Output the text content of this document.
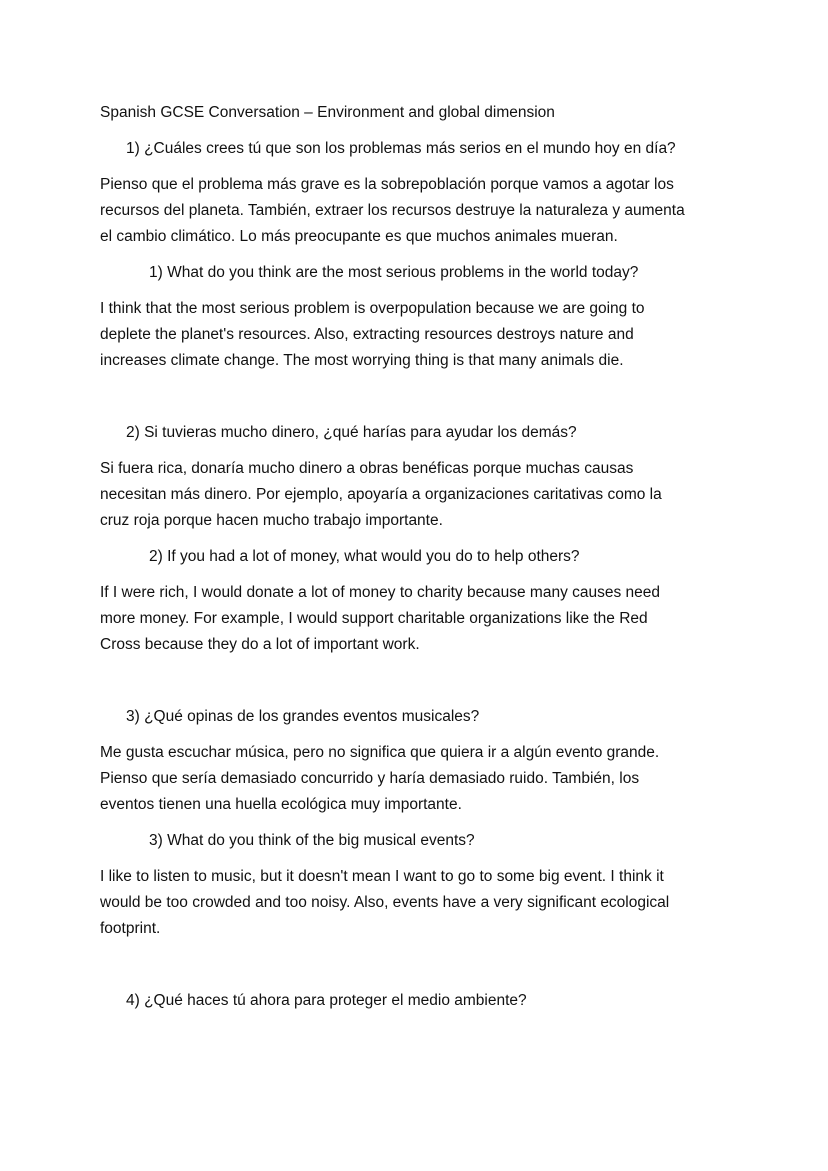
Spanish GCSE Conversation – Environment and global dimension
1) ¿Cuáles crees tú que son los problemas más serios en el mundo hoy en día?
Pienso que el problema más grave es la sobrepoblación porque vamos a agotar los
recursos del planeta. También, extraer los recursos destruye la naturaleza y aumenta
el cambio climático. Lo más preocupante es que muchos animales mueran.
1) What do you think are the most serious problems in the world today?
I think that the most serious problem is overpopulation because we are going to
deplete the planet's resources. Also, extracting resources destroys nature and
increases climate change. The most worrying thing is that many animals die.
2) Si tuvieras mucho dinero, ¿qué harías para ayudar los demás?
Si fuera rica, donaría mucho dinero a obras benéficas porque muchas causas
necesitan más dinero. Por ejemplo, apoyaría a organizaciones caritativas como la
cruz roja porque hacen mucho trabajo importante.
2) If you had a lot of money, what would you do to help others?
If I were rich, I would donate a lot of money to charity because many causes need
more money. For example, I would support charitable organizations like the Red
Cross because they do a lot of important work.
3) ¿Qué opinas de los grandes eventos musicales?
Me gusta escuchar música, pero no significa que quiera ir a algún evento grande.
Pienso que sería demasiado concurrido y haría demasiado ruido. También, los
eventos tienen una huella ecológica muy importante.
3) What do you think of the big musical events?
I like to listen to music, but it doesn't mean I want to go to some big event. I think it
would be too crowded and too noisy. Also, events have a very significant ecological
footprint.
4) ¿Qué haces tú ahora para proteger el medio ambiente?
